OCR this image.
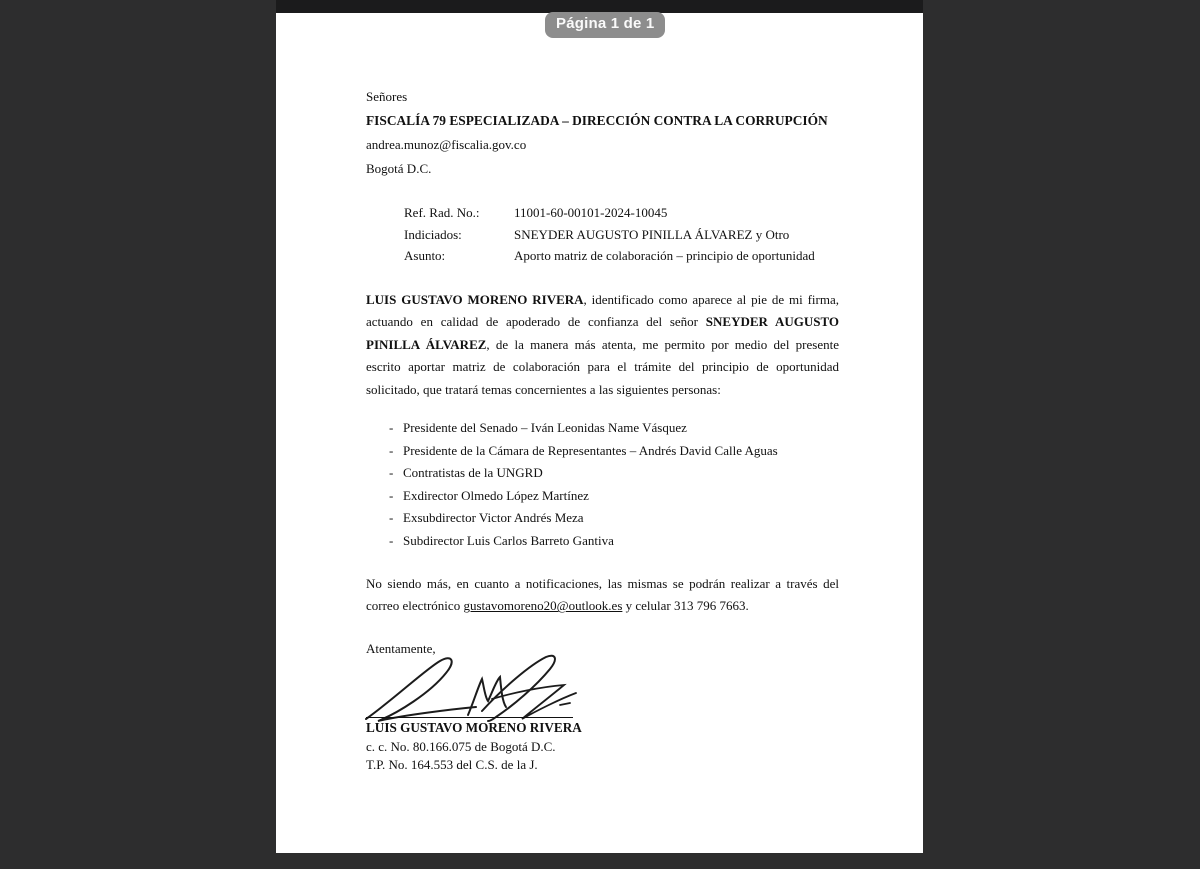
Página 1 de 1
Señores
FISCALÍA 79 ESPECIALIZADA – DIRECCIÓN CONTRA LA CORRUPCIÓN
andrea.munoz@fiscalia.gov.co
Bogotá D.C.
Ref. Rad. No.:	11001-60-00101-2024-10045
Indiciados:	SNEYDER AUGUSTO PINILLA ÁLVAREZ y Otro
Asunto:	Aporto matriz de colaboración – principio de oportunidad
LUIS GUSTAVO MORENO RIVERA, identificado como aparece al pie de mi firma, actuando en calidad de apoderado de confianza del señor SNEYDER AUGUSTO PINILLA ÁLVAREZ, de la manera más atenta, me permito por medio del presente escrito aportar matriz de colaboración para el trámite del principio de oportunidad solicitado, que tratará temas concernientes a las siguientes personas:
- Presidente del Senado – Iván Leonidas Name Vásquez
- Presidente de la Cámara de Representantes – Andrés David Calle Aguas
- Contratistas de la UNGRD
- Exdirector Olmedo López Martínez
- Exsubdirector Victor Andrés Meza
- Subdirector Luis Carlos Barreto Gantiva
No siendo más, en cuanto a notificaciones, las mismas se podrán realizar a través del correo electrónico gustavomoreno20@outlook.es y celular 313 796 7663.
Atentamente,
LUIS GUSTAVO MORENO RIVERA
c. c. No. 80.166.075 de Bogotá D.C.
T.P. No. 164.553 del C.S. de la J.
